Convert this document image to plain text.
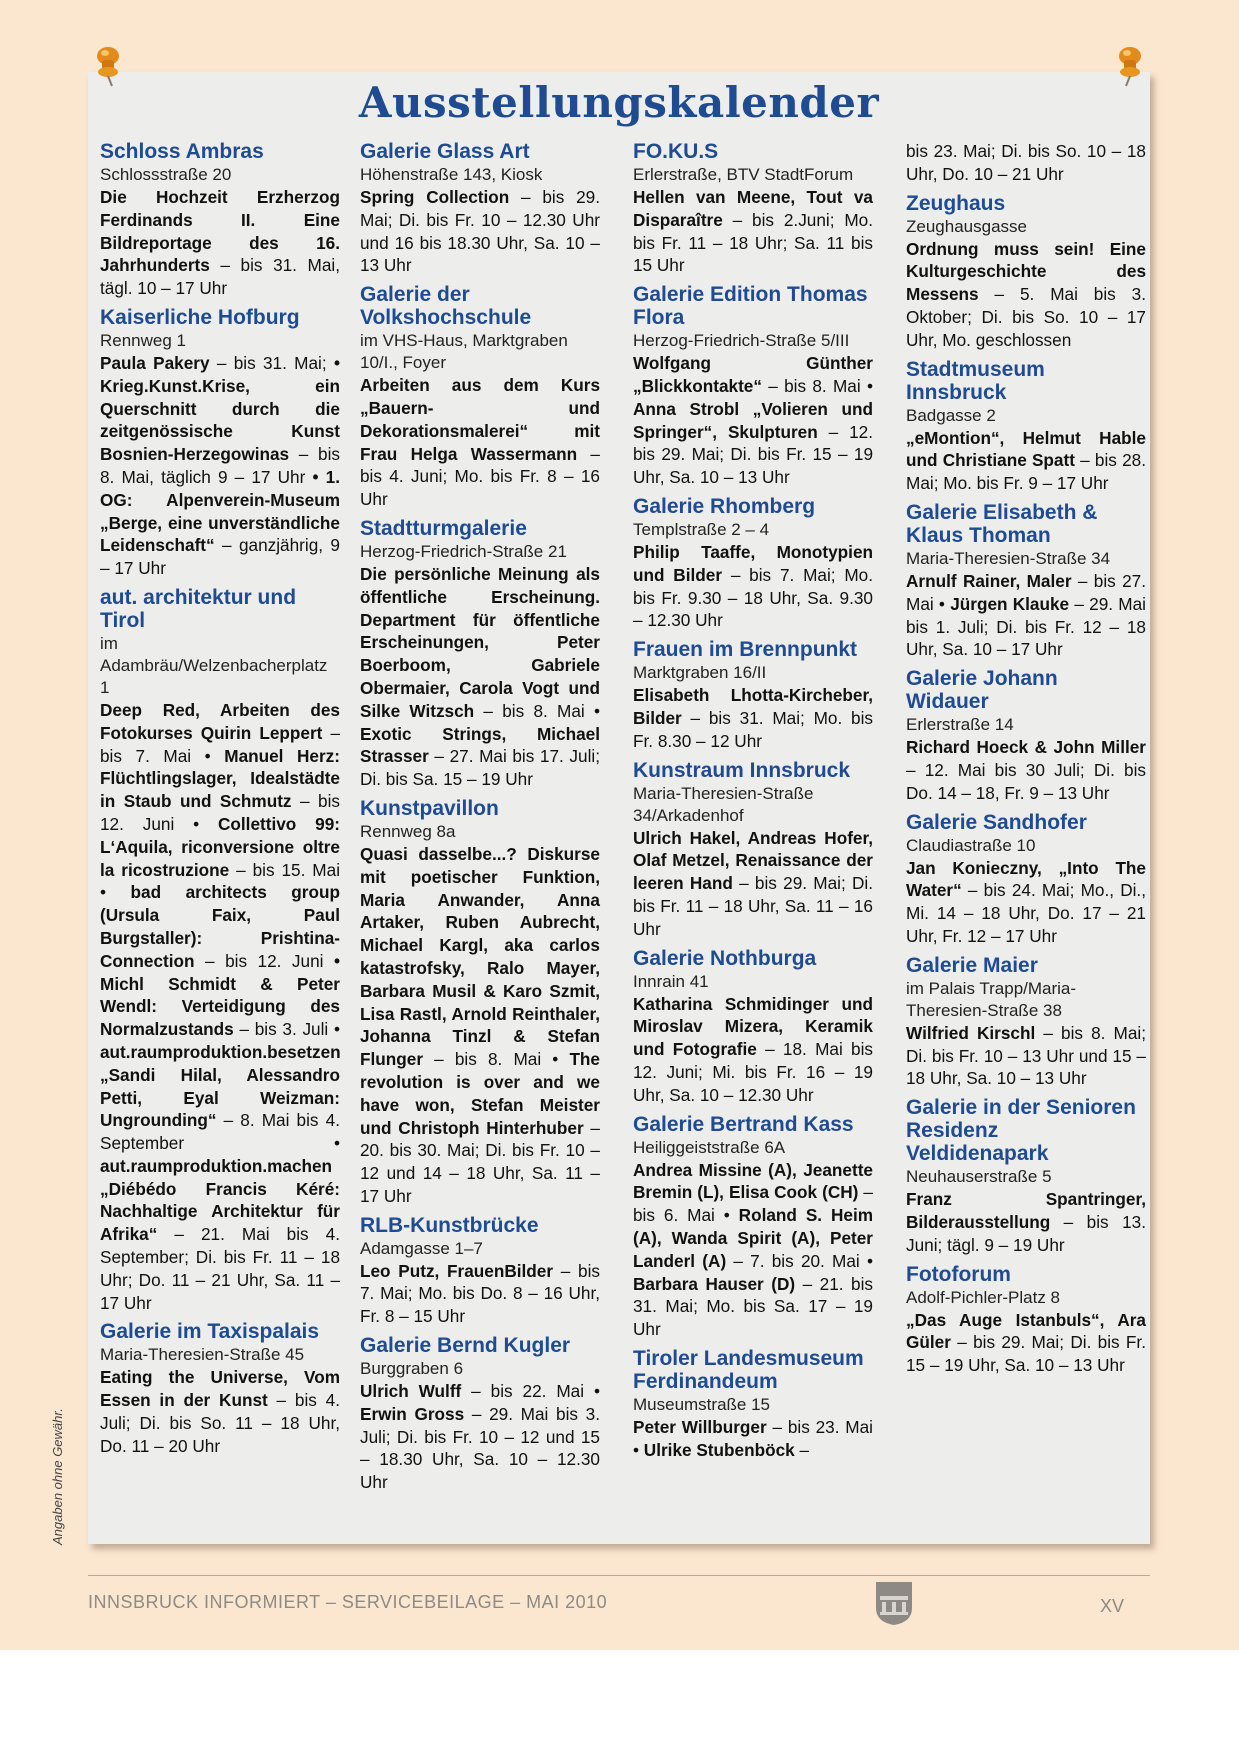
Ausstellungskalender
Schloss Ambras
Schlossstraße 20
Die Hochzeit Erzherzog Ferdinands II. Eine Bildreportage des 16. Jahrhunderts – bis 31. Mai, tägl. 10 – 17 Uhr
Kaiserliche Hofburg
Rennweg 1
Paula Pakery – bis 31. Mai; • Krieg.Kunst.Krise, ein Querschnitt durch die zeitgenössische Kunst Bosnien-Herzegowinas – bis 8. Mai, täglich 9 – 17 Uhr • 1. OG: Alpenverein-Museum „Berge, eine unverständliche Leidenschaft“ – ganzjährig, 9 – 17 Uhr
aut. architektur und Tirol
im Adambräu/Welzenbacherplatz 1
Deep Red, Arbeiten des Fotokurses Quirin Leppert – bis 7. Mai • Manuel Herz: Flüchtlingslager, Idealstädte in Staub und Schmutz – bis 12. Juni • Collettivo 99: L‘Aquila, riconversione oltre la ricostruzione – bis 15. Mai • bad architects group (Ursula Faix, Paul Burgstaller): Prishtina-Connection – bis 12. Juni • Michl Schmidt & Peter Wendl: Verteidigung des Normalzustands – bis 3. Juli • aut.raumproduktion.besetzen „Sandi Hilal, Alessandro Petti, Eyal Weizman: Ungrounding“ – 8. Mai bis 4. September • aut.raumproduktion.machen „Diébédo Francis Kéré: Nachhaltige Architektur für Afrika“ – 21. Mai bis 4. September; Di. bis Fr. 11 – 18 Uhr; Do. 11 – 21 Uhr, Sa. 11 – 17 Uhr
Galerie im Taxispalais
Maria-Theresien-Straße 45
Eating the Universe, Vom Essen in der Kunst – bis 4. Juli; Di. bis So. 11 – 18 Uhr, Do. 11 – 20 Uhr
Galerie Glass Art
Höhenstraße 143, Kiosk
Spring Collection – bis 29. Mai; Di. bis Fr. 10 – 12.30 Uhr und 16 bis 18.30 Uhr, Sa. 10 – 13 Uhr
Galerie der Volkshochschule
im VHS-Haus, Marktgraben 10/I., Foyer
Arbeiten aus dem Kurs „Bauern- und Dekorationsmalerei“ mit Frau Helga Wassermann – bis 4. Juni; Mo. bis Fr. 8 – 16 Uhr
Stadtturmgalerie
Herzog-Friedrich-Straße 21
Die persönliche Meinung als öffentliche Erscheinung. Department für öffentliche Erscheinungen, Peter Boerboom, Gabriele Obermaier, Carola Vogt und Silke Witzsch – bis 8. Mai • Exotic Strings, Michael Strasser – 27. Mai bis 17. Juli; Di. bis Sa. 15 – 19 Uhr
Kunstpavillon
Rennweg 8a
Quasi dasselbe...? Diskurse mit poetischer Funktion, Maria Anwander, Anna Artaker, Ruben Aubrecht, Michael Kargl, aka carlos katastrofsky, Ralo Mayer, Barbara Musil & Karo Szmit, Lisa Rastl, Arnold Reinthaler, Johanna Tinzl & Stefan Flunger – bis 8. Mai • The revolution is over and we have won, Stefan Meister und Christoph Hinterhuber – 20. bis 30. Mai; Di. bis Fr. 10 – 12 und 14 – 18 Uhr, Sa. 11 – 17 Uhr
RLB-Kunstbrücke
Adamgasse 1–7
Leo Putz, FrauenBilder – bis 7. Mai; Mo. bis Do. 8 – 16 Uhr, Fr. 8 – 15 Uhr
Galerie Bernd Kugler
Burggraben 6
Ulrich Wulff – bis 22. Mai • Erwin Gross – 29. Mai bis 3. Juli; Di. bis Fr. 10 – 12 und 15 – 18.30 Uhr, Sa. 10 – 12.30 Uhr
FO.KU.S
Erlerstraße, BTV StadtForum
Hellen van Meene, Tout va Disparaître – bis 2.Juni; Mo. bis Fr. 11 – 18 Uhr; Sa. 11 bis 15 Uhr
Galerie Edition Thomas Flora
Herzog-Friedrich-Straße 5/III
Wolfgang Günther „Blickkontakte“ – bis 8. Mai • Anna Strobl „Volieren und Springer“, Skulpturen – 12. bis 29. Mai; Di. bis Fr. 15 – 19 Uhr, Sa. 10 – 13 Uhr
Galerie Rhomberg
Templstraße 2 – 4
Philip Taaffe, Monotypien und Bilder – bis 7. Mai; Mo. bis Fr. 9.30 – 18 Uhr, Sa. 9.30 – 12.30 Uhr
Frauen im Brennpunkt
Marktgraben 16/II
Elisabeth Lhotta-Kircheber, Bilder – bis 31. Mai; Mo. bis Fr. 8.30 – 12 Uhr
Kunstraum Innsbruck
Maria-Theresien-Straße 34/Arkadenhof
Ulrich Hakel, Andreas Hofer, Olaf Metzel, Renaissance der leeren Hand – bis 29. Mai; Di. bis Fr. 11 – 18 Uhr, Sa. 11 – 16 Uhr
Galerie Nothburga
Innrain 41
Katharina Schmidinger und Miroslav Mizera, Keramik und Fotografie – 18. Mai bis 12. Juni; Mi. bis Fr. 16 – 19 Uhr, Sa. 10 – 12.30 Uhr
Galerie Bertrand Kass
Heiliggeiststraße 6A
Andrea Missine (A), Jeanette Bremin (L), Elisa Cook (CH) – bis 6. Mai • Roland S. Heim (A), Wanda Spirit (A), Peter Landerl (A) – 7. bis 20. Mai • Barbara Hauser (D) – 21. bis 31. Mai; Mo. bis Sa. 17 – 19 Uhr
Tiroler Landesmuseum Ferdinandeum
Museumstraße 15
Peter Willburger – bis 23. Mai • Ulrike Stubenböck –
bis 23. Mai; Di. bis So. 10 – 18 Uhr, Do. 10 – 21 Uhr
Zeughaus
Zeughausgasse
Ordnung muss sein! Eine Kulturgeschichte des Messens – 5. Mai bis 3. Oktober; Di. bis So. 10 – 17 Uhr, Mo. geschlossen
Stadtmuseum Innsbruck
Badgasse 2
„eMontion“, Helmut Hable und Christiane Spatt – bis 28. Mai; Mo. bis Fr. 9 – 17 Uhr
Galerie Elisabeth & Klaus Thoman
Maria-Theresien-Straße 34
Arnulf Rainer, Maler – bis 27. Mai • Jürgen Klauke – 29. Mai bis 1. Juli; Di. bis Fr. 12 – 18 Uhr, Sa. 10 – 17 Uhr
Galerie Johann Widauer
Erlerstraße 14
Richard Hoeck & John Miller – 12. Mai bis 30 Juli; Di. bis Do. 14 – 18, Fr. 9 – 13 Uhr
Galerie Sandhofer
Claudiastraße 10
Jan Konieczny, „Into The Water“ – bis 24. Mai; Mo., Di., Mi. 14 – 18 Uhr, Do. 17 – 21 Uhr, Fr. 12 – 17 Uhr
Galerie Maier
im Palais Trapp/Maria-Theresien-Straße 38
Wilfried Kirschl – bis 8. Mai; Di. bis Fr. 10 – 13 Uhr und 15 – 18 Uhr, Sa. 10 – 13 Uhr
Galerie in der Senioren Residenz Veldidenapark
Neuhauserstraße 5
Franz Spantringer, Bilderausstellung – bis 13. Juni; tägl. 9 – 19 Uhr
Fotoforum
Adolf-Pichler-Platz 8
„Das Auge Istanbuls“, Ara Güler – bis 29. Mai; Di. bis Fr. 15 – 19 Uhr, Sa. 10 – 13 Uhr
Angaben ohne Gewähr.
INNSBRUCK INFORMIERT – SERVICEBEILAGE – MAI 2010	XV
